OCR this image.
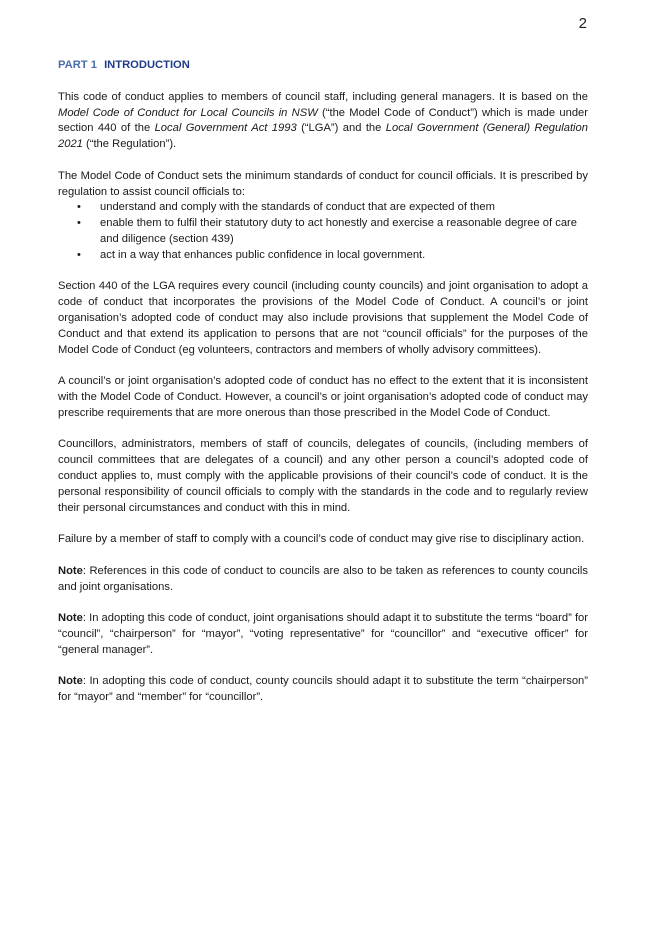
2
PART 1 INTRODUCTION

This code of conduct applies to members of council staff, including general managers. It is based on the Model Code of Conduct for Local Councils in NSW (“the Model Code of Conduct”) which is made under section 440 of the Local Government Act 1993 (“LGA”) and the Local Government (General) Regulation 2021 (“the Regulation”).

The Model Code of Conduct sets the minimum standards of conduct for council officials. It is prescribed by regulation to assist council officials to:

• understand and comply with the standards of conduct that are expected of them
• enable them to fulfil their statutory duty to act honestly and exercise a reasonable degree of care and diligence (section 439)
• act in a way that enhances public confidence in local government.

Section 440 of the LGA requires every council (including county councils) and joint organisation to adopt a code of conduct that incorporates the provisions of the Model Code of Conduct. A council’s or joint organisation’s adopted code of conduct may also include provisions that supplement the Model Code of Conduct and that extend its application to persons that are not “council officials” for the purposes of the Model Code of Conduct (eg volunteers, contractors and members of wholly advisory committees).

A council’s or joint organisation’s adopted code of conduct has no effect to the extent that it is inconsistent with the Model Code of Conduct. However, a council’s or joint organisation’s adopted code of conduct may prescribe requirements that are more onerous than those prescribed in the Model Code of Conduct.

Councillors, administrators, members of staff of councils, delegates of councils, (including members of council committees that are delegates of a council) and any other person a council’s adopted code of conduct applies to, must comply with the applicable provisions of their council’s code of conduct. It is the personal responsibility of council officials to comply with the standards in the code and to regularly review their personal circumstances and conduct with this in mind.

Failure by a member of staff to comply with a council’s code of conduct may give rise to disciplinary action.

Note: References in this code of conduct to councils are also to be taken as references to county councils and joint organisations.

Note: In adopting this code of conduct, joint organisations should adapt it to substitute the terms “board” for “council”, “chairperson” for “mayor”, “voting representative” for “councillor” and “executive officer” for “general manager”.

Note: In adopting this code of conduct, county councils should adapt it to substitute the term “chairperson” for “mayor” and “member” for “councillor”.
